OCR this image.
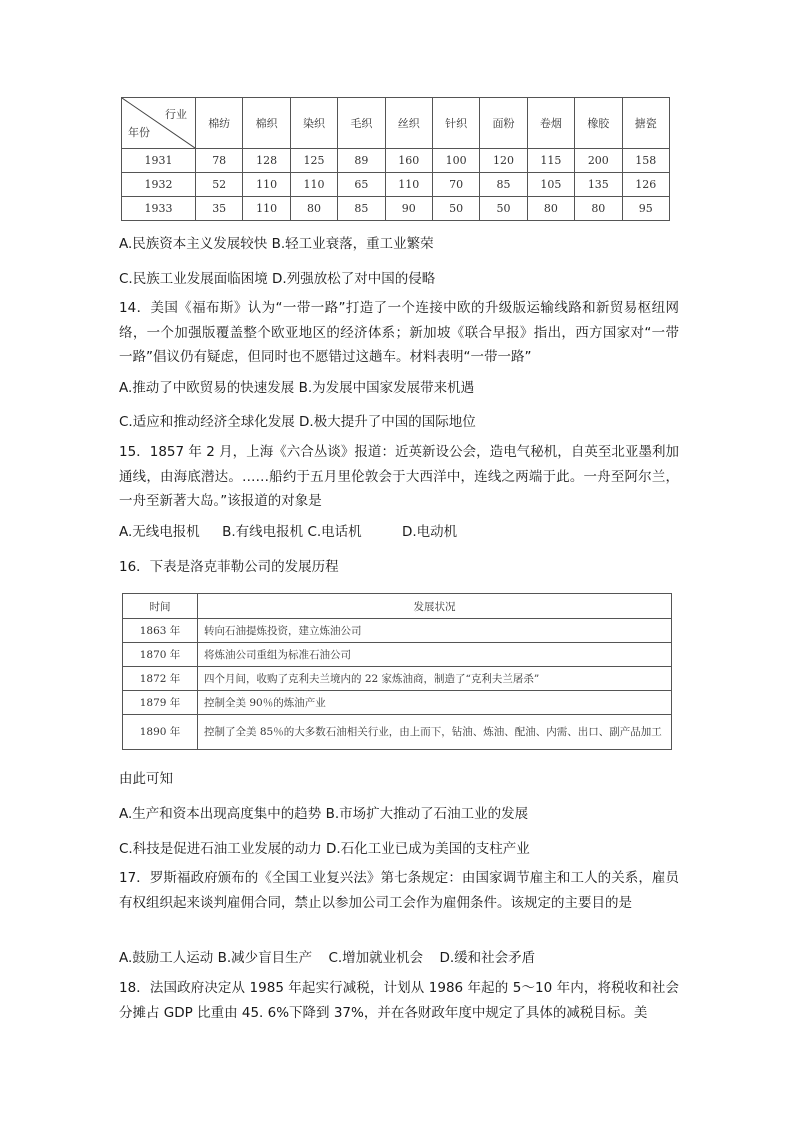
行业
年份	棉纺	棉织	染织	毛织	丝织	针织	面粉	卷烟	橡胶	搪瓷
1931	78	128	125	89	160	100	120	115	200	158
1932	52	110	110	65	110	70	85	105	135	126
1933	35	110	80	85	90	50	50	80	80	95
A.民族资本主义发展较快 B.轻工业衰落，重工业繁荣
C.民族工业发展面临困境 D.列强放松了对中国的侵略
14．美国《福布斯》认为“一带一路”打造了一个连接中欧的升级版运输线路和新贸易枢纽网络，一个加强版覆盖整个欧亚地区的经济体系；新加坡《联合早报》指出，西方国家对“一带一路”倡议仍有疑虑，但同时也不愿错过这趟车。材料表明“一带一路”
A.推动了中欧贸易的快速发展 B.为发展中国家发展带来机遇
C.适应和推动经济全球化发展 D.极大提升了中国的国际地位
15．1857 年 2 月，上海《六合丛谈》报道：近英新设公会，造电气秘机，自英至北亚墨利加通线，由海底潜达。……船约于五月里伦敦会于大西洋中，连线之两端于此。一舟至阿尔兰，一舟至新著大岛。”该报道的对象是
A.无线电报机 B.有线电报机 C.电话机	D.电动机
16．下表是洛克菲勒公司的发展历程
时间	发展状况
1863 年	转向石油提炼投资，建立炼油公司
1870 年	将炼油公司重组为标准石油公司
1872 年	四个月间，收购了克利夫兰境内的 22 家炼油商，制造了“克利夫兰屠杀”
1879 年	控制全美 90％的炼油产业
1890 年	控制了全美 85％的大多数石油相关行业，由上而下，钻油、炼油、配油、内需、出口、副产品加工
由此可知
A.生产和资本出现高度集中的趋势 B.市场扩大推动了石油工业的发展
C.科技是促进石油工业发展的动力 D.石化工业已成为美国的支柱产业
17．罗斯福政府颁布的《全国工业复兴法》第七条规定：由国家调节雇主和工人的关系，雇员有权组织起来谈判雇佣合同，禁止以参加公司工会作为雇佣条件。该规定的主要目的是
A.鼓励工人运动 B.减少盲目生产 C.增加就业机会 D.缓和社会矛盾
18．法国政府决定从 1985 年起实行减税，计划从 1986 年起的 5～10 年内，将税收和社会分摊占 GDP 比重由 45. 6%下降到 37%，并在各财政年度中规定了具体的减税目标。美
